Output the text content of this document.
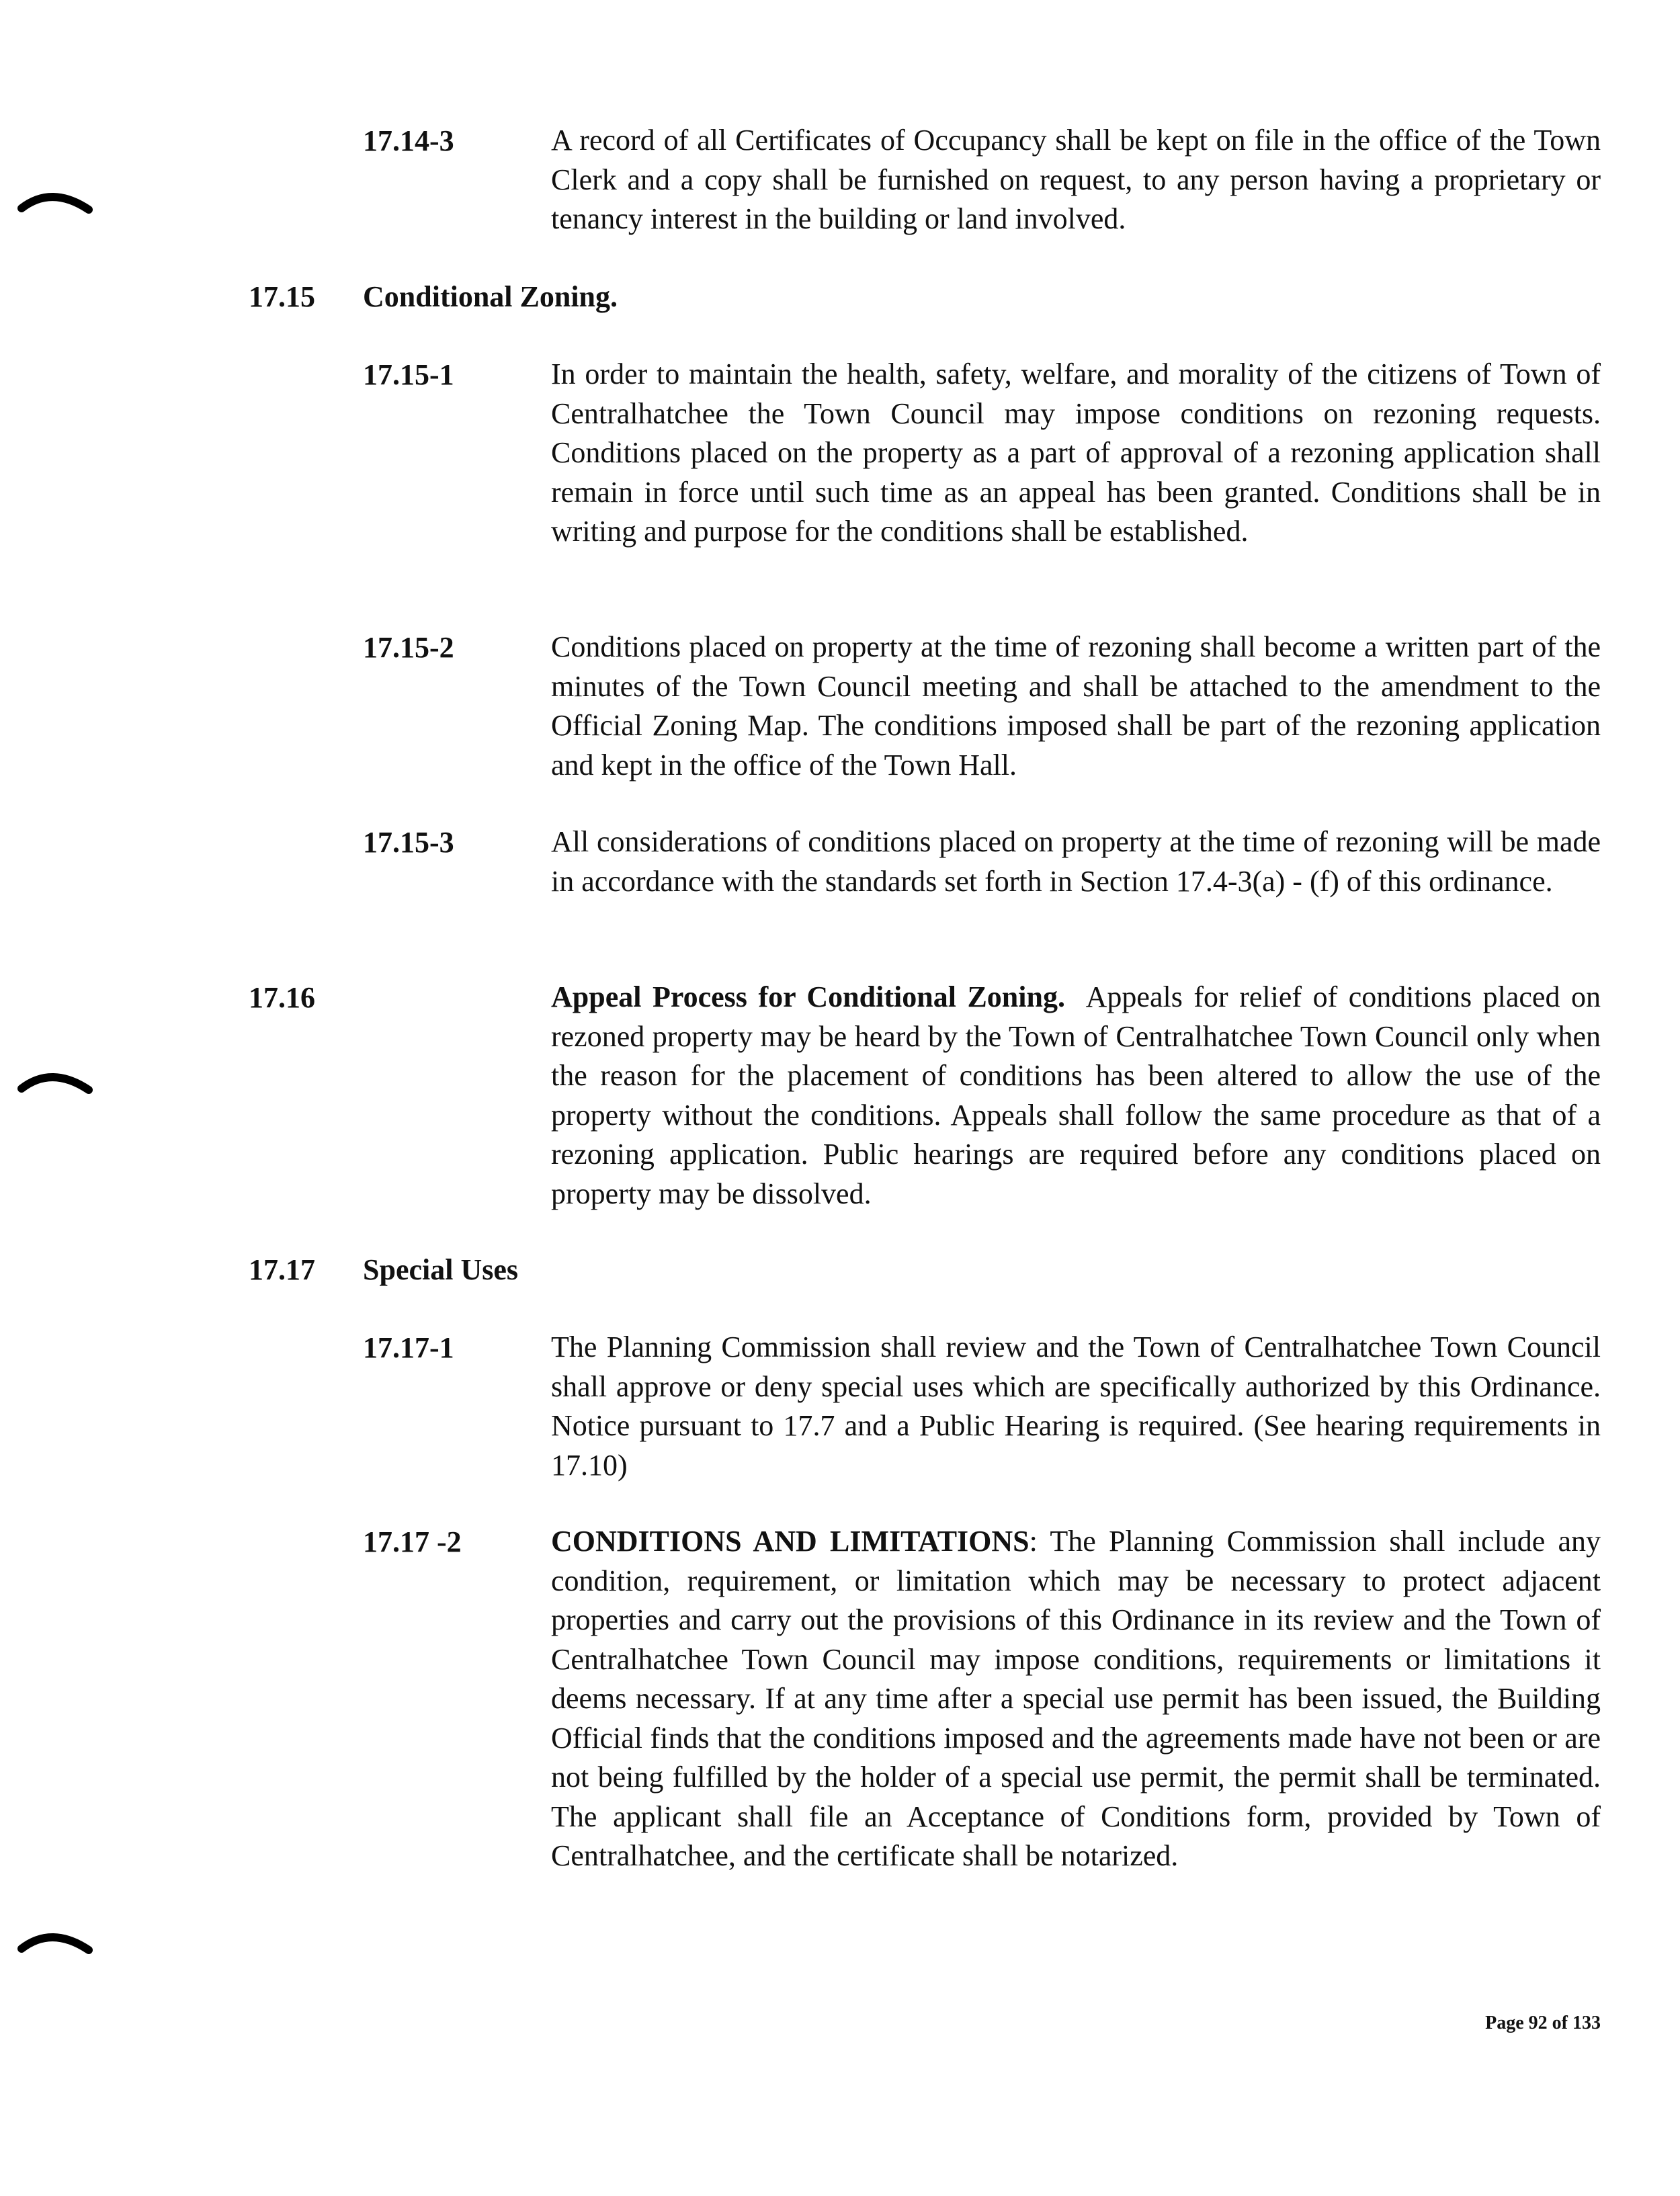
17.14-3	A record of all Certificates of Occupancy shall be kept on file in the office of the Town Clerk and a copy shall be furnished on request, to any person having a proprietary or tenancy interest in the building or land involved.
17.15 Conditional Zoning.
17.15-1	In order to maintain the health, safety, welfare, and morality of the citizens of Town of Centralhatchee the Town Council may impose conditions on rezoning requests. Conditions placed on the property as a part of approval of a rezoning application shall remain in force until such time as an appeal has been granted. Conditions shall be in writing and purpose for the conditions shall be established.
17.15-2	Conditions placed on property at the time of rezoning shall become a written part of the minutes of the Town Council meeting and shall be attached to the amendment to the Official Zoning Map. The conditions imposed shall be part of the rezoning application and kept in the office of the Town Hall.
17.15-3	All considerations of conditions placed on property at the time of rezoning will be made in accordance with the standards set forth in Section 17.4-3(a) - (f) of this ordinance.
17.16	Appeal Process for Conditional Zoning. Appeals for relief of conditions placed on rezoned property may be heard by the Town of Centralhatchee Town Council only when the reason for the placement of conditions has been altered to allow the use of the property without the conditions. Appeals shall follow the same procedure as that of a rezoning application. Public hearings are required before any conditions placed on property may be dissolved.
17.17 Special Uses
17.17-1	The Planning Commission shall review and the Town of Centralhatchee Town Council shall approve or deny special uses which are specifically authorized by this Ordinance. Notice pursuant to 17.7 and a Public Hearing is required. (See hearing requirements in 17.10)
17.17 -2	CONDITIONS AND LIMITATIONS: The Planning Commission shall include any condition, requirement, or limitation which may be necessary to protect adjacent properties and carry out the provisions of this Ordinance in its review and the Town of Centralhatchee Town Council may impose conditions, requirements or limitations it deems necessary. If at any time after a special use permit has been issued, the Building Official finds that the conditions imposed and the agreements made have not been or are not being fulfilled by the holder of a special use permit, the permit shall be terminated. The applicant shall file an Acceptance of Conditions form, provided by Town of Centralhatchee, and the certificate shall be notarized.
Page 92 of 133
